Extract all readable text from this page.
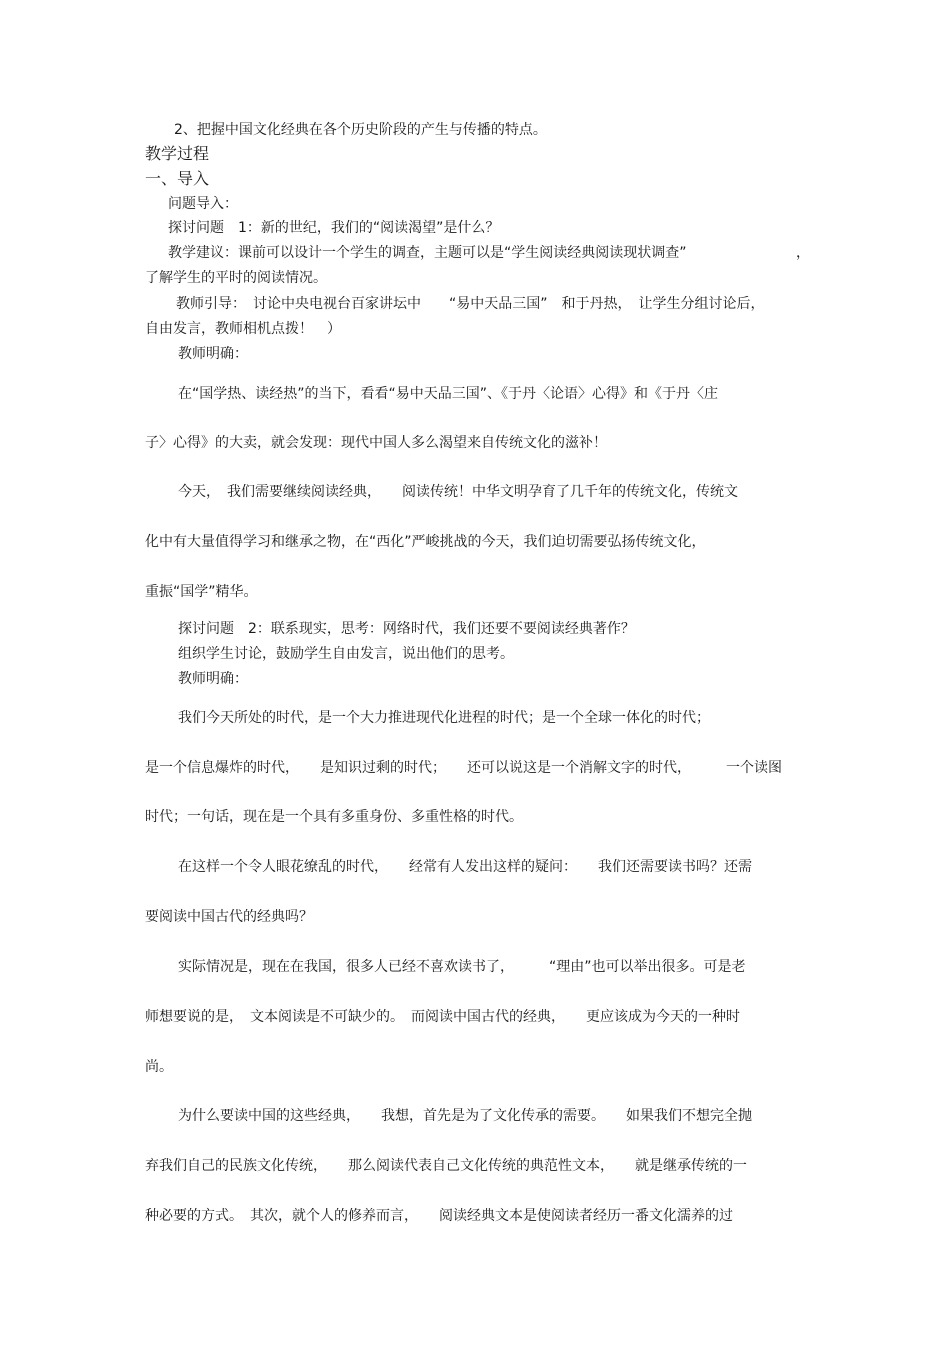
2、把握中国文化经典在各个历史阶段的产生与传播的特点。
教学过程
一、导入
问题导入：
探讨问题　1：新的世纪，我们的“阅读渴望”是什么？
教学建议：课前可以设计一个学生的调查，主题可以是“学生阅读经典阅读现状调查”	，
了解学生的平时的阅读情况。
教师引导：　讨论中央电视台百家讲坛中　　“易中天品三国”　和于丹热，　让学生分组讨论后，
自由发言，教师相机点拨！　）
教师明确：
在“国学热、读经热”的当下，看看“易中天品三国”、《于丹〈论语〉心得》和《于丹〈庄
子〉心得》的大卖，就会发现：现代中国人多么渴望来自传统文化的滋补！
今天，　我们需要继续阅读经典，　　阅读传统！中华文明孕育了几千年的传统文化，传统文
化中有大量值得学习和继承之物，在“西化”严峻挑战的今天，我们迫切需要弘扬传统文化，
重振“国学”精华。
探讨问题　2：联系现实，思考：网络时代，我们还要不要阅读经典著作？
组织学生讨论，鼓励学生自由发言，说出他们的思考。
教师明确：
我们今天所处的时代，是一个大力推进现代化进程的时代；是一个全球一体化的时代；
是一个信息爆炸的时代，　　是知识过剩的时代；　　还可以说这是一个消解文字的时代，　　　一个读图
时代；一句话，现在是一个具有多重身份、多重性格的时代。
在这样一个令人眼花缭乱的时代，　　经常有人发出这样的疑问：　　我们还需要读书吗？还需
要阅读中国古代的经典吗？
实际情况是，现在在我国，很多人已经不喜欢读书了，　　　“理由”也可以举出很多。可是老
师想要说的是，　文本阅读是不可缺少的。　而阅读中国古代的经典，　　更应该成为今天的一种时
尚。
为什么要读中国的这些经典，　　我想，首先是为了文化传承的需要。　　如果我们不想完全抛
弃我们自己的民族文化传统，　　那么阅读代表自己文化传统的典范性文本，　　就是继承传统的一
种必要的方式。　其次，就个人的修养而言，　　阅读经典文本是使阅读者经历一番文化濡养的过
